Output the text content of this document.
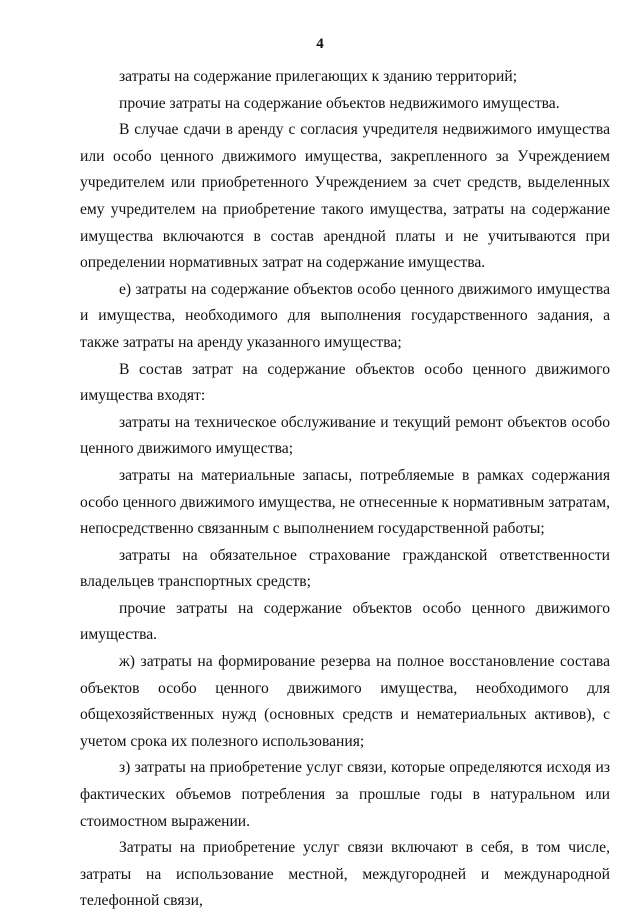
4

затраты на содержание прилегающих к зданию территорий;

прочие затраты на содержание объектов недвижимого имущества.

В случае сдачи в аренду с согласия учредителя недвижимого имущества или особо ценного движимого имущества, закрепленного за Учреждением учредителем или приобретенного Учреждением за счет средств, выделенных ему учредителем на приобретение такого имущества, затраты на содержание имущества включаются в состав арендной платы и не учитываются при определении нормативных затрат на содержание имущества.

е) затраты на содержание объектов особо ценного движимого имущества и имущества, необходимого для выполнения государственного задания, а также затраты на аренду указанного имущества;

В состав затрат на содержание объектов особо ценного движимого имущества входят:

затраты на техническое обслуживание и текущий ремонт объектов особо ценного движимого имущества;

затраты на материальные запасы, потребляемые в рамках содержания особо ценного движимого имущества, не отнесенные к нормативным затратам, непосредственно связанным с выполнением государственной работы;

затраты на обязательное страхование гражданской ответственности владельцев транспортных средств;

прочие затраты на содержание объектов особо ценного движимого имущества.

ж) затраты на формирование резерва на полное восстановление состава объектов особо ценного движимого имущества, необходимого для общехозяйственных нужд (основных средств и нематериальных активов), с учетом срока их полезного использования;

з) затраты на приобретение услуг связи, которые определяются исходя из фактических объемов потребления за прошлые годы в натуральном или стоимостном выражении.

Затраты на приобретение услуг связи включают в себя, в том числе, затраты на использование местной, междугородней и международной телефонной связи,
